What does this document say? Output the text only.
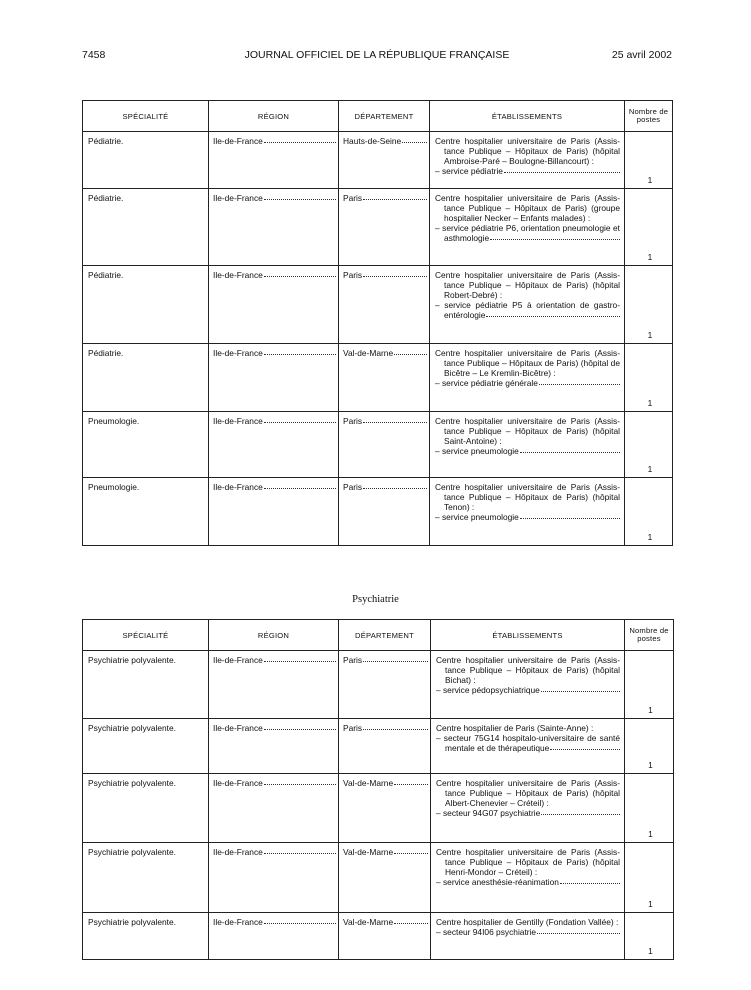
7458	JOURNAL OFFICIEL DE LA RÉPUBLIQUE FRANÇAISE	25 avril 2002
SPÉCIALITÉ	RÉGION	DÉPARTEMENT	ÉTABLISSEMENTS	Nombre de
postes
Pédiatrie.	Ile-de-France	Hauts-de-Seine	Centre hospitalier universitaire de Paris (Assis-
tance Publique – Hôpitaux de Paris) (hôpital
Ambroise-Paré – Boulogne-Billancourt) :
– service pédiatrie	1
Pédiatrie.	Ile-de-France	Paris	Centre hospitalier universitaire de Paris (Assis-
tance Publique – Hôpitaux de Paris) (groupe
hospitalier Necker – Enfants malades) :
– service pédiatrie P6, orientation pneumologie et
asthmologie	1
Pédiatrie.	Ile-de-France	Paris	Centre hospitalier universitaire de Paris (Assis-
tance Publique – Hôpitaux de Paris) (hôpital
Robert-Debré) :
– service pédiatrie P5 à orientation de gastro-
entérologie	1
Pédiatrie.	Ile-de-France	Val-de-Marne	Centre hospitalier universitaire de Paris (Assis-
tance Publique – Hôpitaux de Paris) (hôpital de
Bicêtre – Le Kremlin-Bicêtre) :
– service pédiatrie générale	1
Pneumologie.	Ile-de-France	Paris	Centre hospitalier universitaire de Paris (Assis-
tance Publique – Hôpitaux de Paris) (hôpital
Saint-Antoine) :
– service pneumologie	1
Pneumologie.	Ile-de-France	Paris	Centre hospitalier universitaire de Paris (Assis-
tance Publique – Hôpitaux de Paris) (hôpital
Tenon) :
– service pneumologie	1
Psychiatrie
SPÉCIALITÉ	RÉGION	DÉPARTEMENT	ÉTABLISSEMENTS	Nombre de
postes
Psychiatrie polyvalente.	Ile-de-France	Paris	Centre hospitalier universitaire de Paris (Assis-
tance Publique – Hôpitaux de Paris) (hôpital
Bichat) :
– service pédopsychiatrique	1
Psychiatrie polyvalente.	Ile-de-France	Paris	Centre hospitalier de Paris (Sainte-Anne) :
– secteur 75G14 hospitalo-universitaire de santé
mentale et de thérapeutique	1
Psychiatrie polyvalente.	Ile-de-France	Val-de-Marne	Centre hospitalier universitaire de Paris (Assis-
tance Publique – Hôpitaux de Paris) (hôpital
Albert-Chenevier – Créteil) :
– secteur 94G07 psychiatrie	1
Psychiatrie polyvalente.	Ile-de-France	Val-de-Marne	Centre hospitalier universitaire de Paris (Assis-
tance Publique – Hôpitaux de Paris) (hôpital
Henri-Mondor – Créteil) :
– service anesthésie-réanimation	1
Psychiatrie polyvalente.	Ile-de-France	Val-de-Marne	Centre hospitalier de Gentilly (Fondation Vallée) :
– secteur 94I06 psychiatrie	1
